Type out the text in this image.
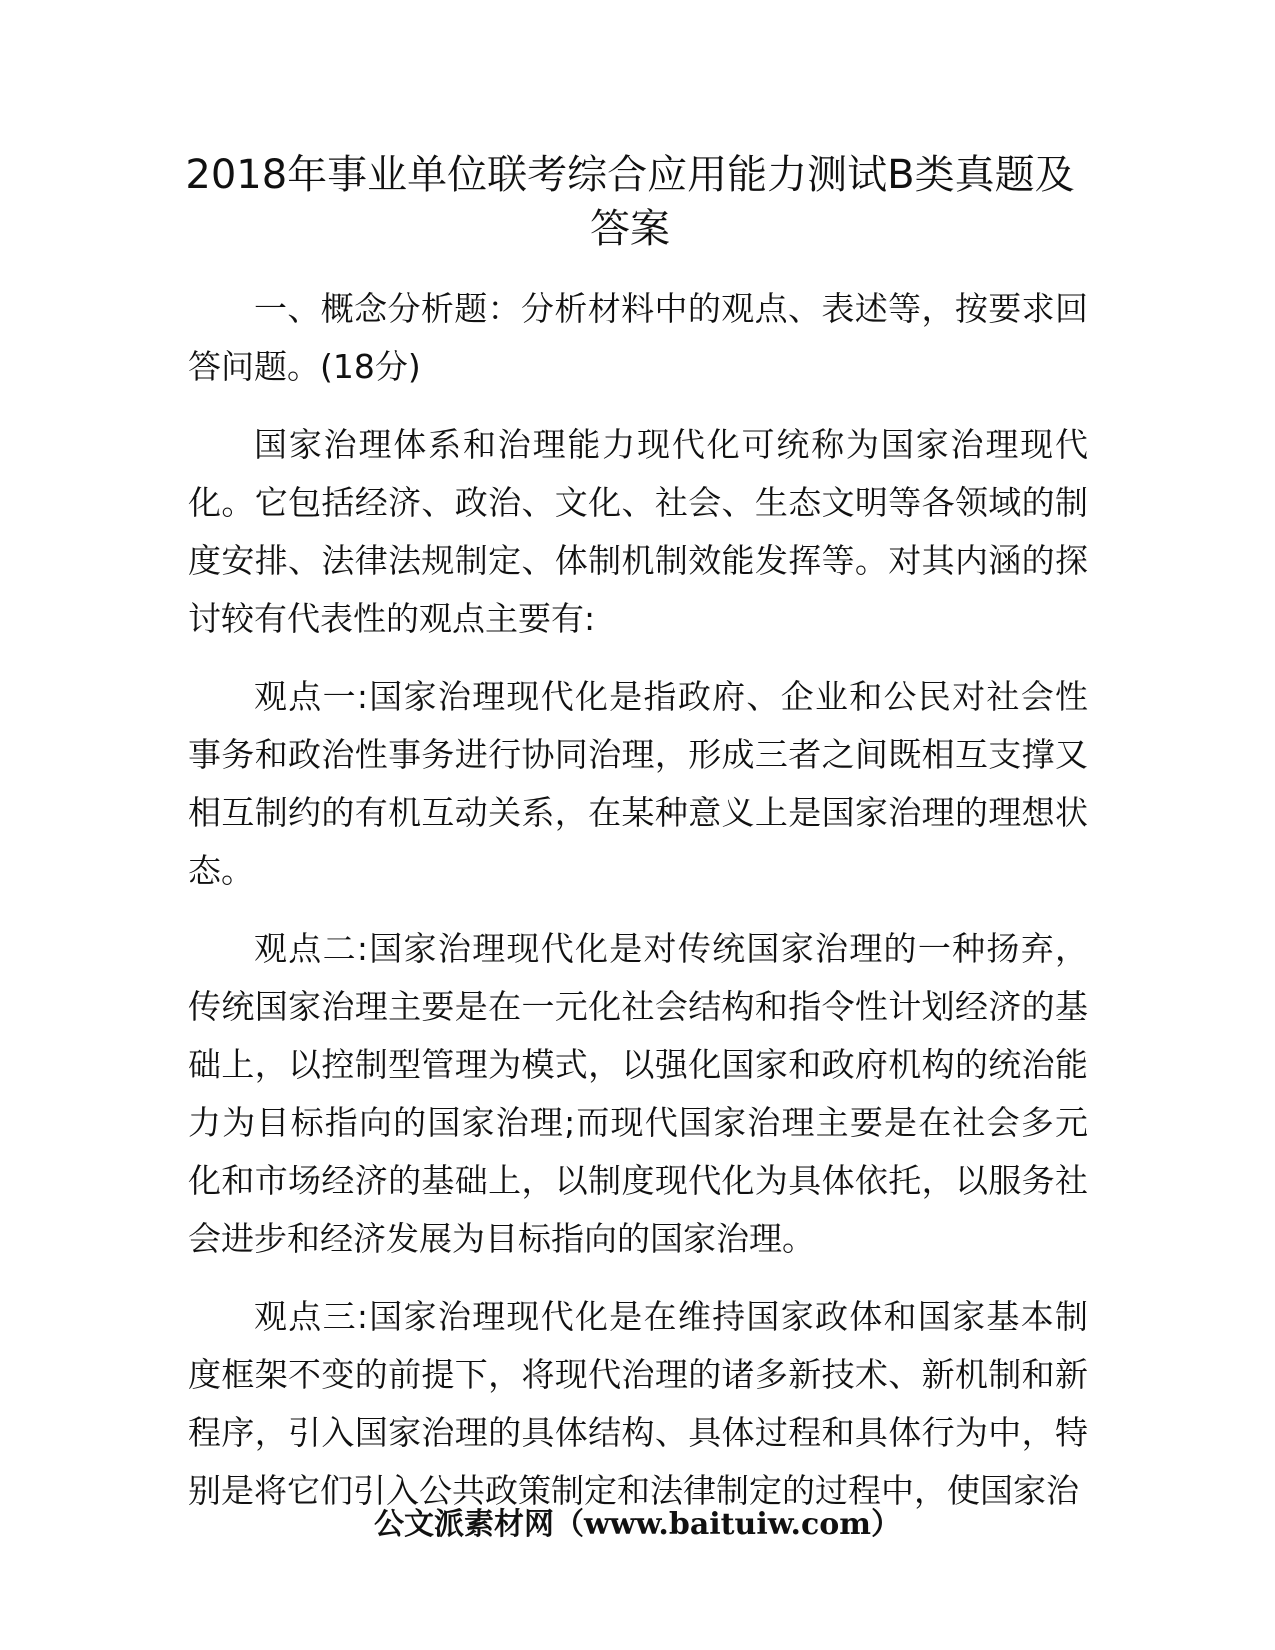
2018年事业单位联考综合应用能力测试B类真题及答案

一、概念分析题：分析材料中的观点、表述等，按要求回答问题。(18分)

国家治理体系和治理能力现代化可统称为国家治理现代化。它包括经济、政治、文化、社会、生态文明等各领域的制度安排、法律法规制定、体制机制效能发挥等。对其内涵的探讨较有代表性的观点主要有:

观点一:国家治理现代化是指政府、企业和公民对社会性事务和政治性事务进行协同治理，形成三者之间既相互支撑又相互制约的有机互动关系，在某种意义上是国家治理的理想状态。

观点二:国家治理现代化是对传统国家治理的一种扬弃，传统国家治理主要是在一元化社会结构和指令性计划经济的基础上，以控制型管理为模式，以强化国家和政府机构的统治能力为目标指向的国家治理;而现代国家治理主要是在社会多元化和市场经济的基础上，以制度现代化为具体依托，以服务社会进步和经济发展为目标指向的国家治理。

观点三:国家治理现代化是在维持国家政体和国家基本制度框架不变的前提下，将现代治理的诸多新技术、新机制和新程序，引入国家治理的具体结构、具体过程和具体行为中，特别是将它们引入公共政策制定和法律制定的过程中，使国家治

公文派素材网（www.baituiw.com）
